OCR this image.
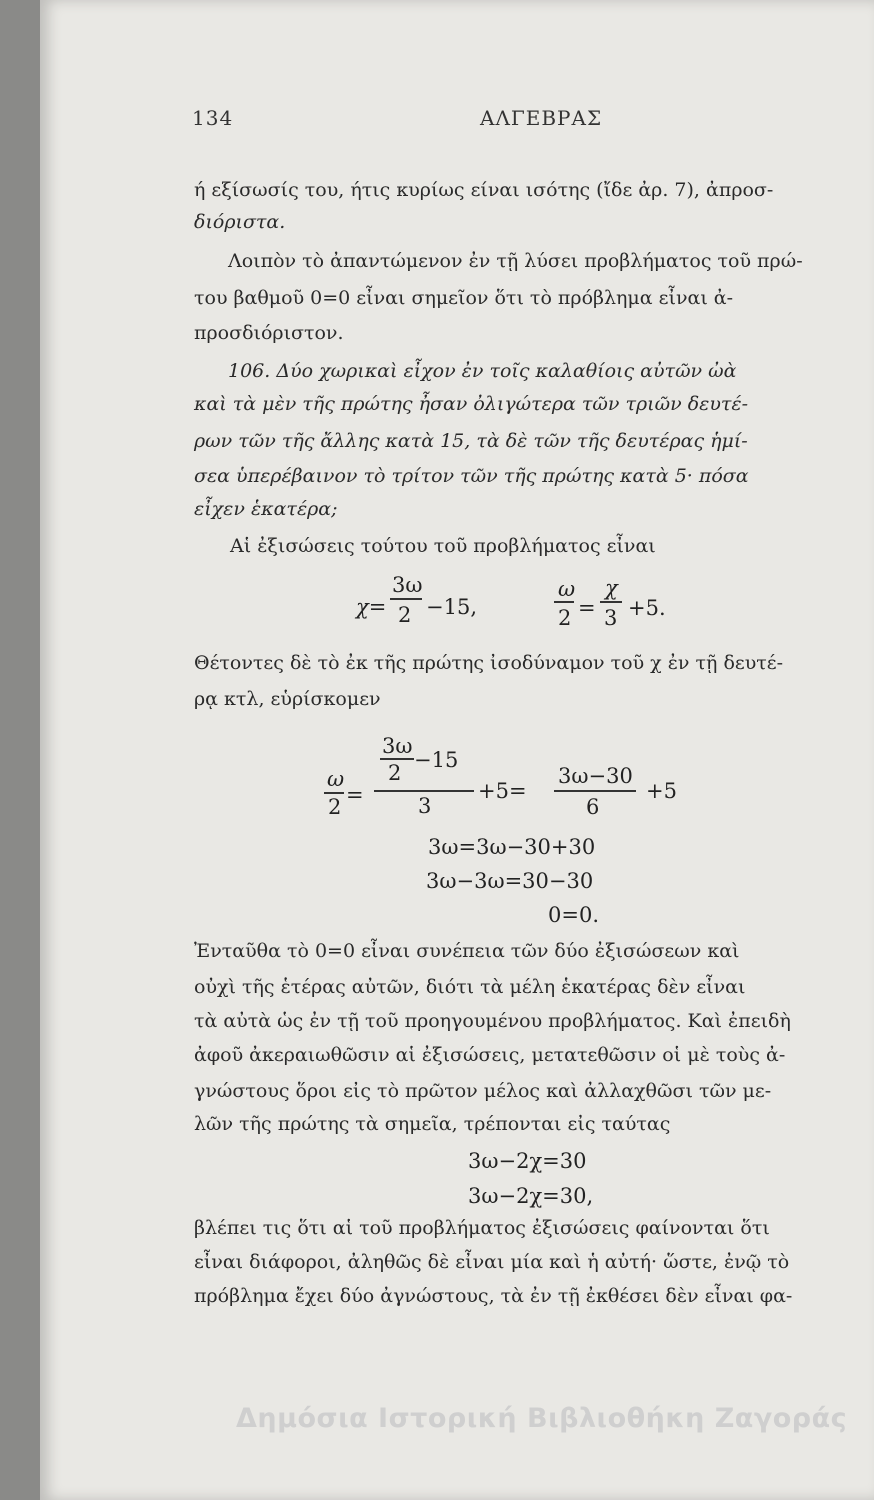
134	ΑΛΓΕΒΡΑΣ
ή εξίσωσίς του, ήτις κυρίως είναι ισότης (ἴδε ἀρ. 7), ἀπροσ-
διόριστα.
Λοιπὸν τὸ ἀπαντώμενον ἐν τῇ λύσει προβλήματος τοῦ πρώ-
του βαθμοῦ 0=0 εἶναι σημεῖον ὅτι τὸ πρόβλημα εἶναι ἀ-
προσδιόριστον.
106. Δύο χωρικαὶ εἶχον ἐν τοῖς καλαθίοις αὐτῶν ὠὰ
καὶ τὰ μὲν τῆς πρώτης ἦσαν ὀλιγώτερα τῶν τριῶν δευτέ-
ρων τῶν τῆς ἄλλης κατὰ 15, τὰ δὲ τῶν τῆς δευτέρας ἡμί-
σεα ὑπερέβαινον τὸ τρίτον τῶν τῆς πρώτης κατὰ 5· πόσα
εἶχεν ἑκατέρα;
Αἱ ἐξισώσεις τούτου τοῦ προβλήματος εἶναι
χ=
3ω
2 −15,
ω
2 =
χ
3 +5.
Θέτοντες δὲ τὸ ἐκ τῆς πρώτης ἰσοδύναμον τοῦ χ ἐν τῇ δευτέ-
ρᾳ κτλ, εὑρίσκομεν
ω
2 =
3ω
2
−15
3
+5=
3ω−30
6
+5
3ω=3ω−30+30
3ω−3ω=30−30
0=0.
Ἐνταῦθα τὸ 0=0 εἶναι συνέπεια τῶν δύο ἐξισώσεων καὶ
οὐχὶ τῆς ἑτέρας αὐτῶν, διότι τὰ μέλη ἑκατέρας δὲν εἶναι
τὰ αὐτὰ ὡς ἐν τῇ τοῦ προηγουμένου προβλήματος. Καὶ ἐπειδὴ
ἀφοῦ ἀκεραιωθῶσιν αἱ ἐξισώσεις, μετατεθῶσιν οἱ μὲ τοὺς ἀ-
γνώστους ὅροι εἰς τὸ πρῶτον μέλος καὶ ἀλλαχθῶσι τῶν με-
λῶν τῆς πρώτης τὰ σημεῖα, τρέπονται εἰς ταύτας
3ω−2χ=30
3ω−2χ=30,
βλέπει τις ὅτι αἱ τοῦ προβλήματος ἐξισώσεις φαίνονται ὅτι
εἶναι διάφοροι, ἀληθῶς δὲ εἶναι μία καὶ ἡ αὐτή· ὥστε, ἐνῷ τὸ
πρόβλημα ἔχει δύο ἀγνώστους, τὰ ἐν τῇ ἐκθέσει δὲν εἶναι φα-
Δημόσια Ιστορική Βιβλιοθήκη Ζαγοράς
